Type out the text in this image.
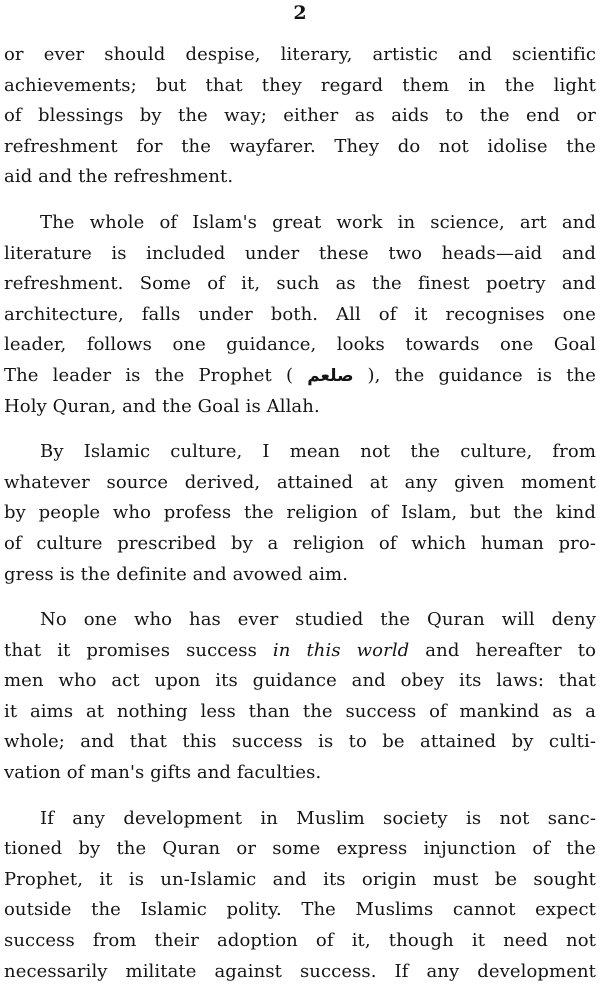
2
or ever should despise, literary, artistic and scientific
achievements; but that they regard them in the light
of blessings by the way; either as aids to the end or
refreshment for the wayfarer. They do not idolise the
aid and the refreshment.
The whole of Islam's great work in science, art and
literature is included under these two heads—aid and
refreshment. Some of it, such as the finest poetry and
architecture, falls under both. All of it recognises one
leader, follows one guidance, looks towards one Goal
The leader is the Prophet ( صلعم ), the guidance is the
Holy Quran, and the Goal is Allah.
By Islamic culture, I mean not the culture, from
whatever source derived, attained at any given moment
by people who profess the religion of Islam, but the kind
of culture prescribed by a religion of which human pro-
gress is the definite and avowed aim.
No one who has ever studied the Quran will deny
that it promises success in this world and hereafter to
men who act upon its guidance and obey its laws: that
it aims at nothing less than the success of mankind as a
whole; and that this success is to be attained by culti-
vation of man's gifts and faculties.
If any development in Muslim society is not sanc-
tioned by the Quran or some express injunction of the
Prophet, it is un-Islamic and its origin must be sought
outside the Islamic polity. The Muslims cannot expect
success from their adoption of it, though it need not
necessarily militate against success. If any development
